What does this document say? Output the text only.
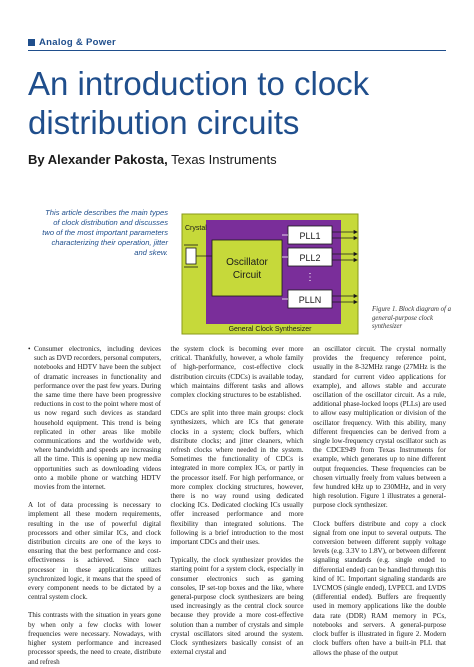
Analog & Power
An introduction to clock distribution circuits
By Alexander Pakosta, Texas Instruments
This article describes the main types of clock distribution and discusses two of the most important parameters characterizing their operation, jitter and skew.
Crystal
Oscillator
Circuit
PLL1
PLL2
⋮
PLLN
General Clock Synthesizer
Figure 1. Block diagram of a general-purpose clock synthesizer
• Consumer electronics, including devices such as DVD recorders, personal computers, notebooks and HDTV have been the subject of dramatic increases in functionality and performance over the past few years. During the same time there have been progressive reductions in cost to the point where most of us now regard such devices as standard household equipment. This trend is being replicated in other areas like mobile communications and the worldwide web, where bandwidth and speeds are increasing all the time. This is opening up new media opportunities such as downloading videos onto a mobile phone or watching HDTV movies from the internet.

A lot of data processing is necessary to implement all these modern requirements, resulting in the use of powerful digital processors and other similar ICs, and clock distribution circuits are one of the keys to ensuring that the best performance and cost-effectiveness is achieved. Since each processor in these applications utilizes synchronized logic, it means that the speed of every component needs to be dictated by a central system clock.

This contrasts with the situation in years gone by when only a few clocks with lower frequencies were necessary. Nowadays, with higher system performance and increased processor speeds, the need to create, distribute and refresh

the system clock is becoming ever more critical. Thankfully, however, a whole family of high-performance, cost-effective clock distribution circuits (CDCs) is available today, which maintains different tasks and allows complex clocking structures to be established.

CDCs are split into three main groups: clock synthesizers, which are ICs that generate clocks in a system; clock buffers, which distribute clocks; and jitter cleaners, which refresh clocks where needed in the system. Sometimes the functionality of CDCs is integrated in more complex ICs, or partly in the processor itself. For high performance, or more complex clocking structures, however, there is no way round using dedicated clocking ICs. Dedicated clocking ICs usually offer increased performance and more flexibility than integrated solutions. The following is a brief introduction to the most important CDCs and their uses.

Typically, the clock synthesizer provides the starting point for a system clock, especially in consumer electronics such as gaming consoles, IP set-top boxes and the like, where general-purpose clock synthesizers are being used increasingly as the central clock source because they provide a more cost-effective solution than a number of crystals and simple crystal oscillators sited around the system. Clock synthesizers basically consist of an external crystal and

an oscillator circuit. The crystal normally provides the frequency reference point, usually in the 8-32MHz range (27MHz is the standard for current video applications for example), and allows stable and accurate oscillation of the oscillator circuit. As a rule, additional phase-locked loops (PLLs) are used to allow easy multiplication or division of the oscillator frequency. With this ability, many different frequencies can be derived from a single low-frequency crystal oscillator such as the CDCE949 from Texas Instruments for example, which generates up to nine different output frequencies. These frequencies can be chosen virtually freely from values between a few hundred kHz up to 230MHz, and in very high resolution. Figure 1 illustrates a general-purpose clock synthesizer.

Clock buffers distribute and copy a clock signal from one input to several outputs. The conversion between different supply voltage levels (e.g. 3.3V to 1.8V), or between different signaling standards (e.g. single ended to differential ended) can be handled through this kind of IC. Important signaling standards are LVCMOS (single ended), LVPECL and LVDS (differential ended). Buffers are frequently used in memory applications like the double data rate (DDR) RAM memory in PCs, notebooks and servers. A general-purpose clock buffer is illustrated in figure 2. Modern clock buffers often have a built-in PLL that allows the phase of the output
